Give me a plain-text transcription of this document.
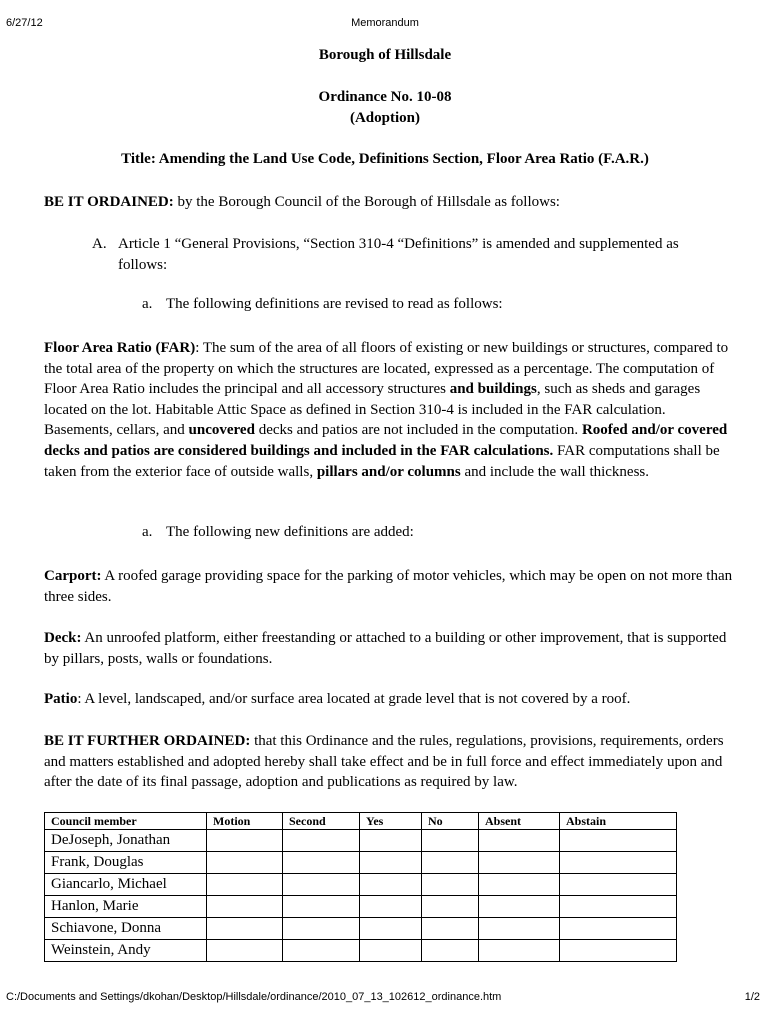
6/27/12	Memorandum
Borough of Hillsdale
Ordinance No. 10-08
(Adoption)
Title: Amending the Land Use Code, Definitions Section, Floor Area Ratio (F.A.R.)

BE IT ORDAINED: by the Borough Council of the Borough of Hillsdale as follows:

A. Article 1 “General Provisions, “Section 310-4 “Definitions” is amended and supplemented as follows:

a. The following definitions are revised to read as follows:

Floor Area Ratio (FAR): The sum of the area of all floors of existing or new buildings or structures, compared to the total area of the property on which the structures are located, expressed as a percentage. The computation of Floor Area Ratio includes the principal and all accessory structures and buildings, such as sheds and garages located on the lot. Habitable Attic Space as defined in Section 310-4 is included in the FAR calculation. Basements, cellars, and uncovered decks and patios are not included in the computation. Roofed and/or covered decks and patios are considered buildings and included in the FAR calculations. FAR computations shall be taken from the exterior face of outside walls, pillars and/or columns and include the wall thickness.

a. The following new definitions are added:

Carport: A roofed garage providing space for the parking of motor vehicles, which may be open on not more than three sides.

Deck: An unroofed platform, either freestanding or attached to a building or other improvement, that is supported by pillars, posts, walls or foundations.

Patio: A level, landscaped, and/or surface area located at grade level that is not covered by a roof.

BE IT FURTHER ORDAINED: that this Ordinance and the rules, regulations, provisions, requirements, orders and matters established and adopted hereby shall take effect and be in full force and effect immediately upon and after the date of its final passage, adoption and publications as required by law.

Council member	Motion	Second	Yes	No	Absent	Abstain
DeJoseph, Jonathan						
Frank, Douglas						
Giancarlo, Michael						
Hanlon, Marie						
Schiavone, Donna						
Weinstein, Andy						
C:/Documents and Settings/dkohan/Desktop/Hillsdale/ordinance/2010_07_13_102612_ordinance.htm	1/2
